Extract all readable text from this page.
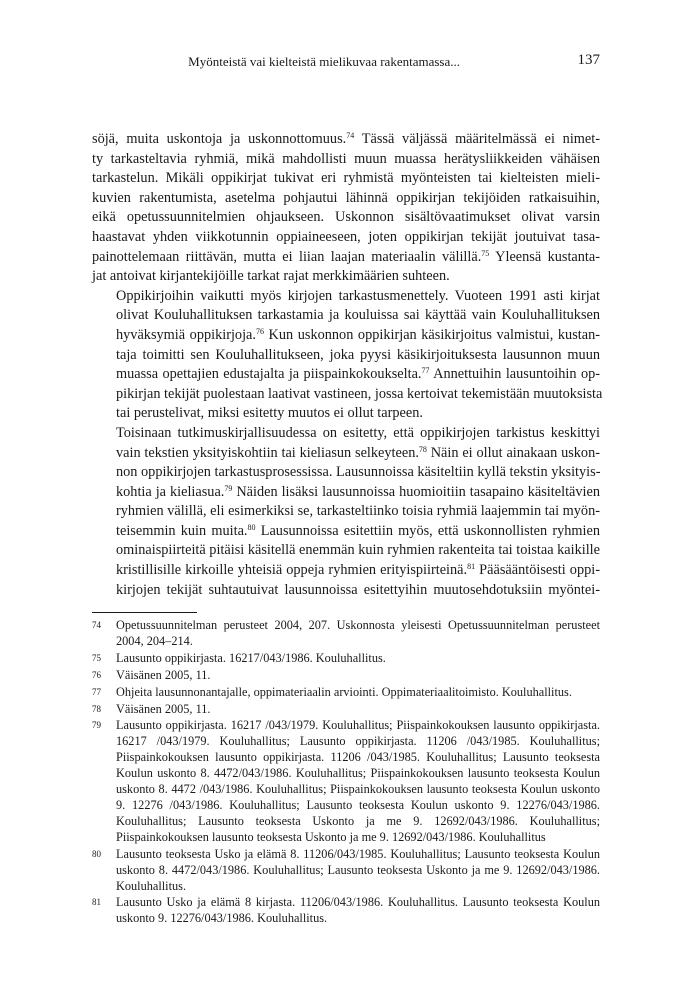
Myönteistä vai kielteistä mielikuvaa rakentamassa...	137

söjä, muita uskontoja ja uskonnottomuus.$^{74}$ Tässä väljässä määritelmässä ei nimet-
ty tarkasteltavia ryhmiä, mikä mahdollisti muun muassa herätysliikkeiden vähäisen
tarkastelun. Mikäli oppikirjat tukivat eri ryhmistä myönteisten tai kielteisten mieli-
kuvien rakentumista, asetelma pohjautui lähinnä oppikirjan tekijöiden ratkaisuihin,
eikä opetussuunnitelmien ohjaukseen. Uskonnon sisältövaatimukset olivat varsin
haastavat yhden viikkotunnin oppiaineeseen, joten oppikirjan tekijät joutuivat tasa-
painottelemaan riittävän, mutta ei liian laajan materiaalin välillä.$^{75}$ Yleensä kustanta-
jat antoivat kirjantekijöille tarkat rajat merkkimäärien suhteen.

Oppikirjoihin vaikutti myös kirjojen tarkastusmenettely. Vuoteen 1991 asti kirjat
olivat Kouluhallituksen tarkastamia ja kouluissa sai käyttää vain Kouluhallituksen
hyväksymiä oppikirjoja.$^{76}$ Kun uskonnon oppikirjan käsikirjoitus valmistui, kustan-
taja toimitti sen Kouluhallitukseen, joka pyysi käsikirjoituksesta lausunnon muun
muassa opettajien edustajalta ja piispainkokoukselta.$^{77}$ Annettuihin lausuntoihin op-
pikirjan tekijät puolestaan laativat vastineen, jossa kertoivat tekemistään muutoksista
tai perustelivat, miksi esitetty muutos ei ollut tarpeen.

Toisinaan tutkimuskirjallisuudessa on esitetty, että oppikirjojen tarkistus keskittyi
vain tekstien yksityiskohtiin tai kieliasun selkeyteen.$^{78}$ Näin ei ollut ainakaan uskon-
non oppikirjojen tarkastusprosessissa. Lausunnoissa käsiteltiin kyllä tekstin yksityis-
kohtia ja kieliasua.$^{79}$ Näiden lisäksi lausunnoissa huomioitiin tasapaino käsiteltävien
ryhmien välillä, eli esimerkiksi se, tarkasteltiinko toisia ryhmiä laajemmin tai myön-
teisemmin kuin muita.$^{80}$ Lausunnoissa esitettiin myös, että uskonnollisten ryhmien
ominaispiirteitä pitäisi käsitellä enemmän kuin ryhmien rakenteita tai toistaa kaikille
kristillisille kirkoille yhteisiä oppeja ryhmien erityispiirteinä.$^{81}$ Pääsääntöisesti oppi-
kirjojen tekijät suhtautuivat lausunnoissa esitettyihin muutosehdotuksiin myöntei-

74	Opetussuunnitelman perusteet 2004, 207. Uskonnosta yleisesti Opetussuunnitelman perusteet 2004, 204–214.
75	Lausunto oppikirjasta. 16217/043/1986. Kouluhallitus.
76	Väisänen 2005, 11.
77	Ohjeita lausunnonantajalle, oppimateriaalin arviointi. Oppimateriaalitoimisto. Kouluhallitus.
78	Väisänen 2005, 11.
79	Lausunto oppikirjasta. 16217 /043/1979. Kouluhallitus; Piispainkokouksen lausunto oppikirjasta. 16217 /043/1979. Kouluhallitus; Lausunto oppikirjasta. 11206 /043/1985. Kouluhallitus; Piispainkokouksen lausunto oppikirjasta. 11206 /043/1985. Kouluhallitus; Lausunto teoksesta Koulun uskonto 8. 4472/043/1986. Kouluhallitus; Piispainkokouksen lausunto teoksesta Koulun uskonto 8. 4472 /043/1986. Kouluhallitus; Piispainkokouksen lausunto teoksesta Koulun uskonto 9. 12276 /043/1986. Kouluhallitus; Lausunto teoksesta Koulun uskonto 9. 12276/043/1986. Kouluhallitus; Lausunto teoksesta Uskonto ja me 9. 12692/043/1986. Kouluhallitus; Piispainkokouksen lausunto teoksesta Uskonto ja me 9. 12692/043/1986. Kouluhallitus
80	Lausunto teoksesta Usko ja elämä 8. 11206/043/1985. Kouluhallitus; Lausunto teoksesta Koulun uskonto 8. 4472/043/1986. Kouluhallitus; Lausunto teoksesta Uskonto ja me 9. 12692/043/1986. Kouluhallitus.
81	Lausunto Usko ja elämä 8 kirjasta. 11206/043/1986. Kouluhallitus. Lausunto teoksesta Koulun uskonto 9. 12276/043/1986. Kouluhallitus.
